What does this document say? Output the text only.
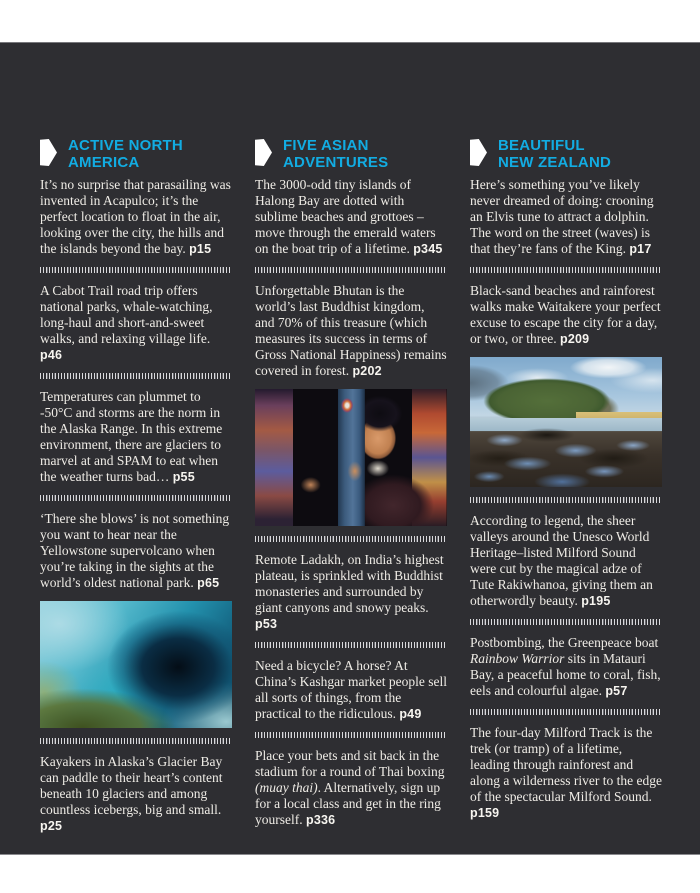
ACTIVE NORTH AMERICA

It’s no surprise that parasailing was invented in Acapulco; it’s the perfect location to float in the air, looking over the city, the hills and the islands beyond the bay. p15

A Cabot Trail road trip offers national parks, whale-watching, long-haul and short-and-sweet walks, and relaxing village life. p46

Temperatures can plummet to -50°C and storms are the norm in the Alaska Range. In this extreme environment, there are glaciers to marvel at and SPAM to eat when the weather turns bad… p55

‘There she blows’ is not something you want to hear near the Yellowstone supervolcano when you’re taking in the sights at the world’s oldest national park. p65

Kayakers in Alaska’s Glacier Bay can paddle to their heart’s content beneath 10 glaciers and among countless icebergs, big and small. p25

FIVE ASIAN ADVENTURES

The 3000-odd tiny islands of Halong Bay are dotted with sublime beaches and grottoes – move through the emerald waters on the boat trip of a lifetime. p345

Unforgettable Bhutan is the world’s last Buddhist kingdom, and 70% of this treasure (which measures its success in terms of Gross National Happiness) remains covered in forest. p202

Remote Ladakh, on India’s highest plateau, is sprinkled with Buddhist monasteries and surrounded by giant canyons and snowy peaks. p53

Need a bicycle? A horse? At China’s Kashgar market people sell all sorts of things, from the practical to the ridiculous. p49

Place your bets and sit back in the stadium for a round of Thai boxing (muay thai). Alternatively, sign up for a local class and get in the ring yourself. p336

BEAUTIFUL NEW ZEALAND

Here’s something you’ve likely never dreamed of doing: crooning an Elvis tune to attract a dolphin. The word on the street (waves) is that they’re fans of the King. p17

Black-sand beaches and rainforest walks make Waitakere your perfect excuse to escape the city for a day, or two, or three. p209

According to legend, the sheer valleys around the Unesco World Heritage–listed Milford Sound were cut by the magical adze of Tute Rakiwhanoa, giving them an otherwordly beauty. p195

Postbombing, the Greenpeace boat Rainbow Warrior sits in Matauri Bay, a peaceful home to coral, fish, eels and colourful algae. p57

The four-day Milford Track is the trek (or tramp) of a lifetime, leading through rainforest and along a wilderness river to the edge of the spectacular Milford Sound. p159
